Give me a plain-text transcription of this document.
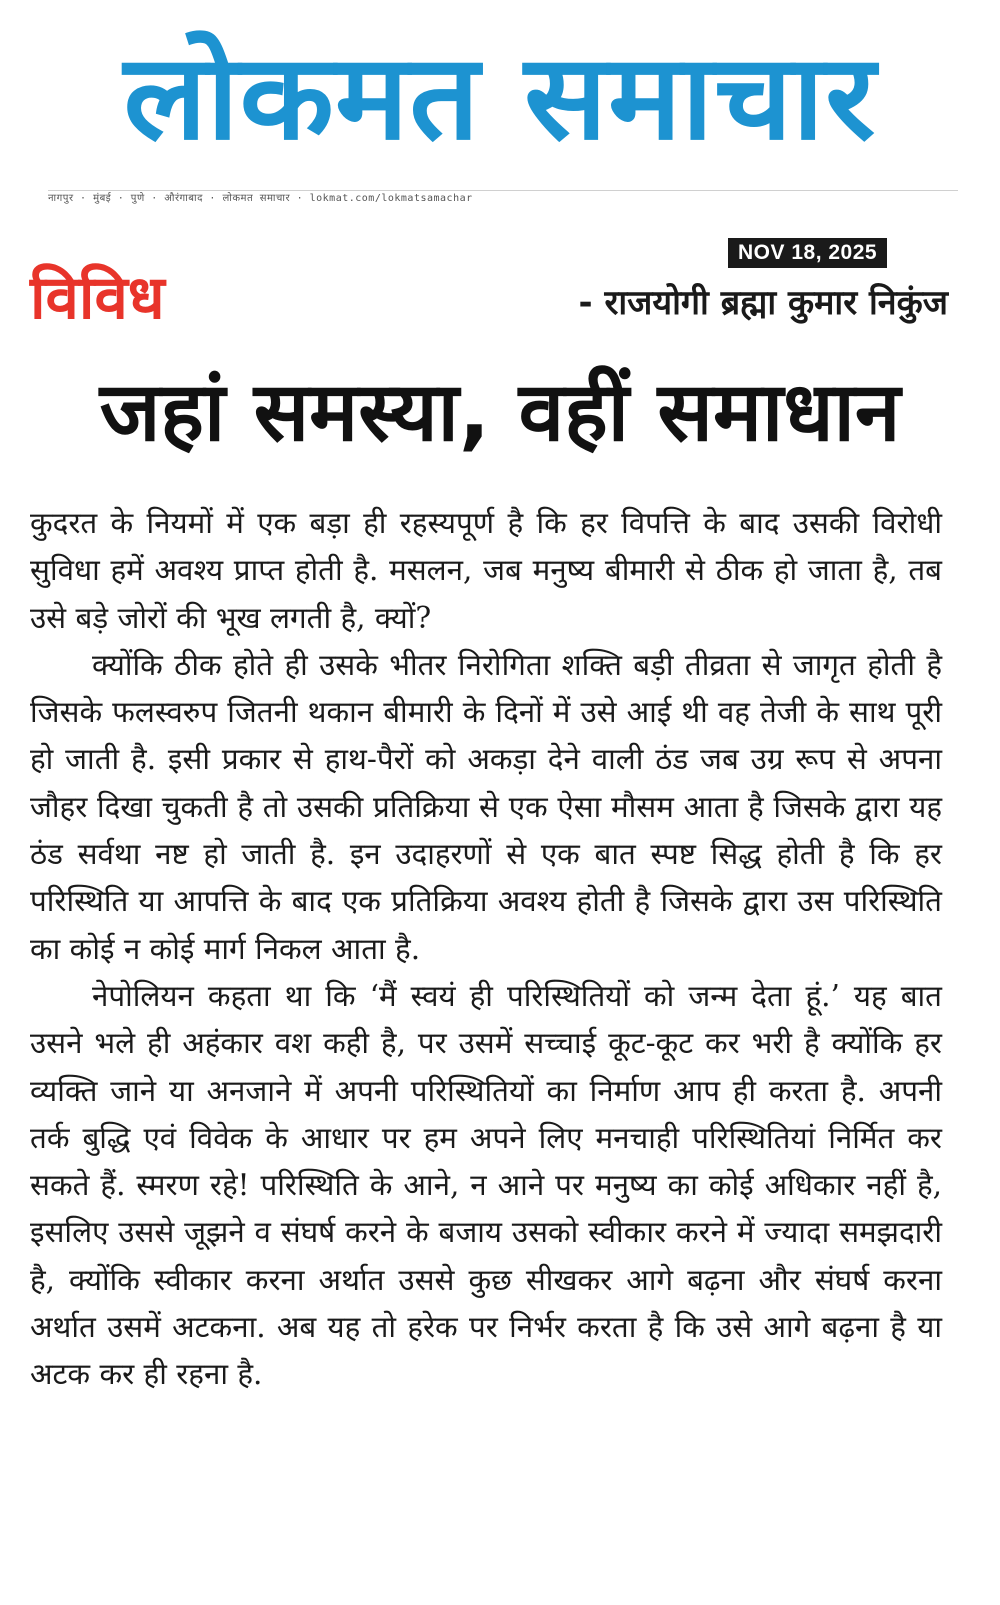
लोकमत समाचार
नागपुर · मुंबई · पुणे · औरंगाबाद · लोकमत समाचार · lokmat.com/lokmatsamachar
NOV 18, 2025
विविध	- राजयोगी ब्रह्मा कुमार निकुंज
जहां समस्या, वहीं समाधान

कुदरत के नियमों में एक बड़ा ही रहस्यपूर्ण है कि हर विपत्ति के बाद उसकी विरोधी सुविधा हमें अवश्य प्राप्त होती है. मसलन, जब मनुष्य बीमारी से ठीक हो जाता है, तब उसे बड़े जोरों की भूख लगती है, क्यों?

क्योंकि ठीक होते ही उसके भीतर निरोगिता शक्ति बड़ी तीव्रता से जागृत होती है जिसके फलस्वरुप जितनी थकान बीमारी के दिनों में उसे आई थी वह तेजी के साथ पूरी हो जाती है. इसी प्रकार से हाथ-पैरों को अकड़ा देने वाली ठंड जब उग्र रूप से अपना जौहर दिखा चुकती है तो उसकी प्रतिक्रिया से एक ऐसा मौसम आता है जिसके द्वारा यह ठंड सर्वथा नष्ट हो जाती है. इन उदाहरणों से एक बात स्पष्ट सिद्ध होती है कि हर परिस्थिति या आपत्ति के बाद एक प्रतिक्रिया अवश्य होती है जिसके द्वारा उस परिस्थिति का कोई न कोई मार्ग निकल आता है.

नेपोलियन कहता था कि ‘मैं स्वयं ही परिस्थितियों को जन्म देता हूं.’ यह बात उसने भले ही अहंकार वश कही है, पर उसमें सच्चाई कूट-कूट कर भरी है क्योंकि हर व्यक्ति जाने या अनजाने में अपनी परिस्थितियों का निर्माण आप ही करता है. अपनी तर्क बुद्धि एवं विवेक के आधार पर हम अपने लिए मनचाही परिस्थितियां निर्मित कर सकते हैं. स्मरण रहे! परिस्थिति के आने, न आने पर मनुष्य का कोई अधिकार नहीं है, इसलिए उससे जूझने व संघर्ष करने के बजाय उसको स्वीकार करने में ज्यादा समझदारी है, क्योंकि स्वीकार करना अर्थात उससे कुछ सीखकर आगे बढ़ना और संघर्ष करना अर्थात उसमें अटकना. अब यह तो हरेक पर निर्भर करता है कि उसे आगे बढ़ना है या अटक कर ही रहना है.
